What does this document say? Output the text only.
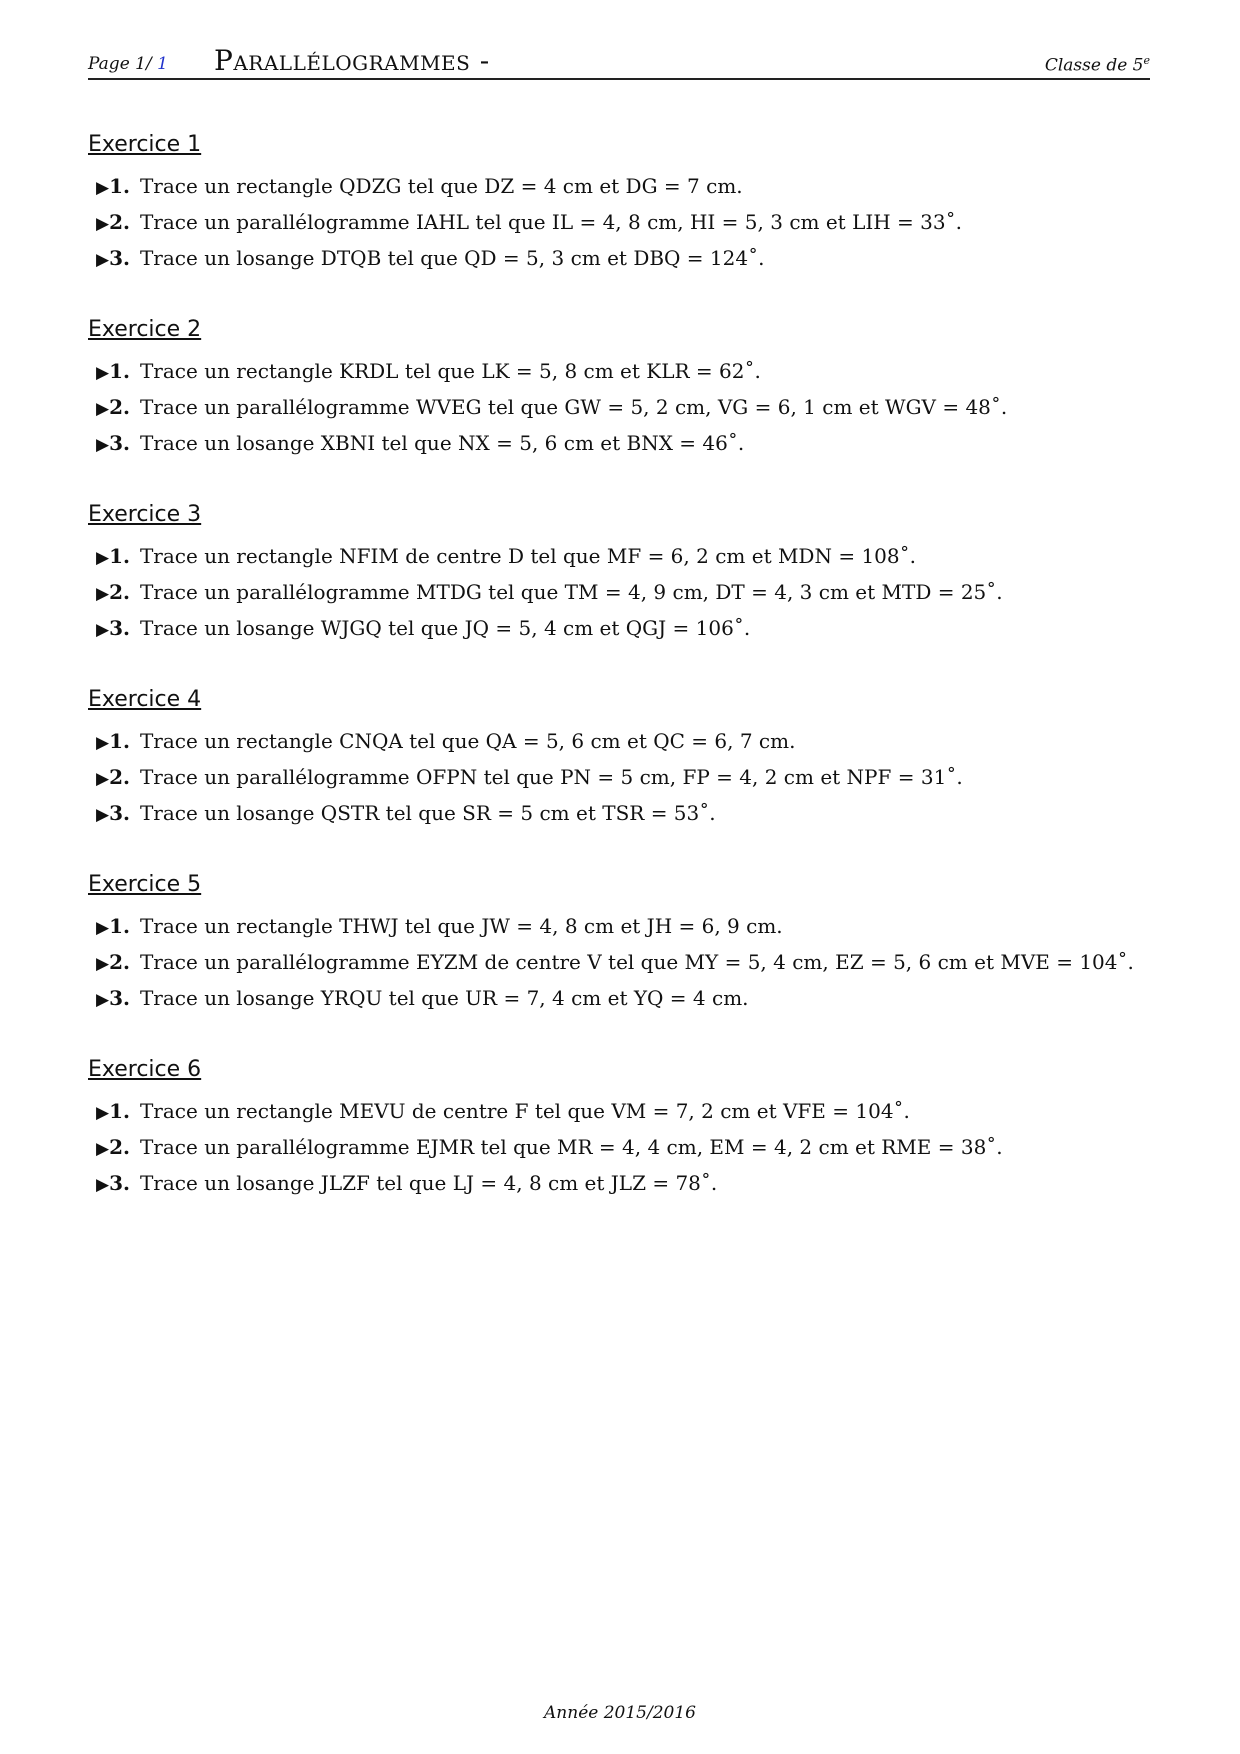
Page 1/ 1 Parallélogrammes -	Classe de 5e
Exercice 1
▶1. Trace un rectangle QDZG tel que DZ = 4 cm et DG = 7 cm.
▶2. Trace un parallélogramme IAHL tel que IL = 4, 8 cm, HI = 5, 3 cm et LIH = 33˚.
▶3. Trace un losange DTQB tel que QD = 5, 3 cm et DBQ = 124˚.
Exercice 2
▶1. Trace un rectangle KRDL tel que LK = 5, 8 cm et KLR = 62˚.
▶2. Trace un parallélogramme WVEG tel que GW = 5, 2 cm, VG = 6, 1 cm et WGV = 48˚.
▶3. Trace un losange XBNI tel que NX = 5, 6 cm et BNX = 46˚.
Exercice 3
▶1. Trace un rectangle NFIM de centre D tel que MF = 6, 2 cm et MDN = 108˚.
▶2. Trace un parallélogramme MTDG tel que TM = 4, 9 cm, DT = 4, 3 cm et MTD = 25˚.
▶3. Trace un losange WJGQ tel que JQ = 5, 4 cm et QGJ = 106˚.
Exercice 4
▶1. Trace un rectangle CNQA tel que QA = 5, 6 cm et QC = 6, 7 cm.
▶2. Trace un parallélogramme OFPN tel que PN = 5 cm, FP = 4, 2 cm et NPF = 31˚.
▶3. Trace un losange QSTR tel que SR = 5 cm et TSR = 53˚.
Exercice 5
▶1. Trace un rectangle THWJ tel que JW = 4, 8 cm et JH = 6, 9 cm.
▶2. Trace un parallélogramme EYZM de centre V tel que MY = 5, 4 cm, EZ = 5, 6 cm et MVE = 104˚.
▶3. Trace un losange YRQU tel que UR = 7, 4 cm et YQ = 4 cm.
Exercice 6
▶1. Trace un rectangle MEVU de centre F tel que VM = 7, 2 cm et VFE = 104˚.
▶2. Trace un parallélogramme EJMR tel que MR = 4, 4 cm, EM = 4, 2 cm et RME = 38˚.
▶3. Trace un losange JLZF tel que LJ = 4, 8 cm et JLZ = 78˚.
Année 2015/2016
